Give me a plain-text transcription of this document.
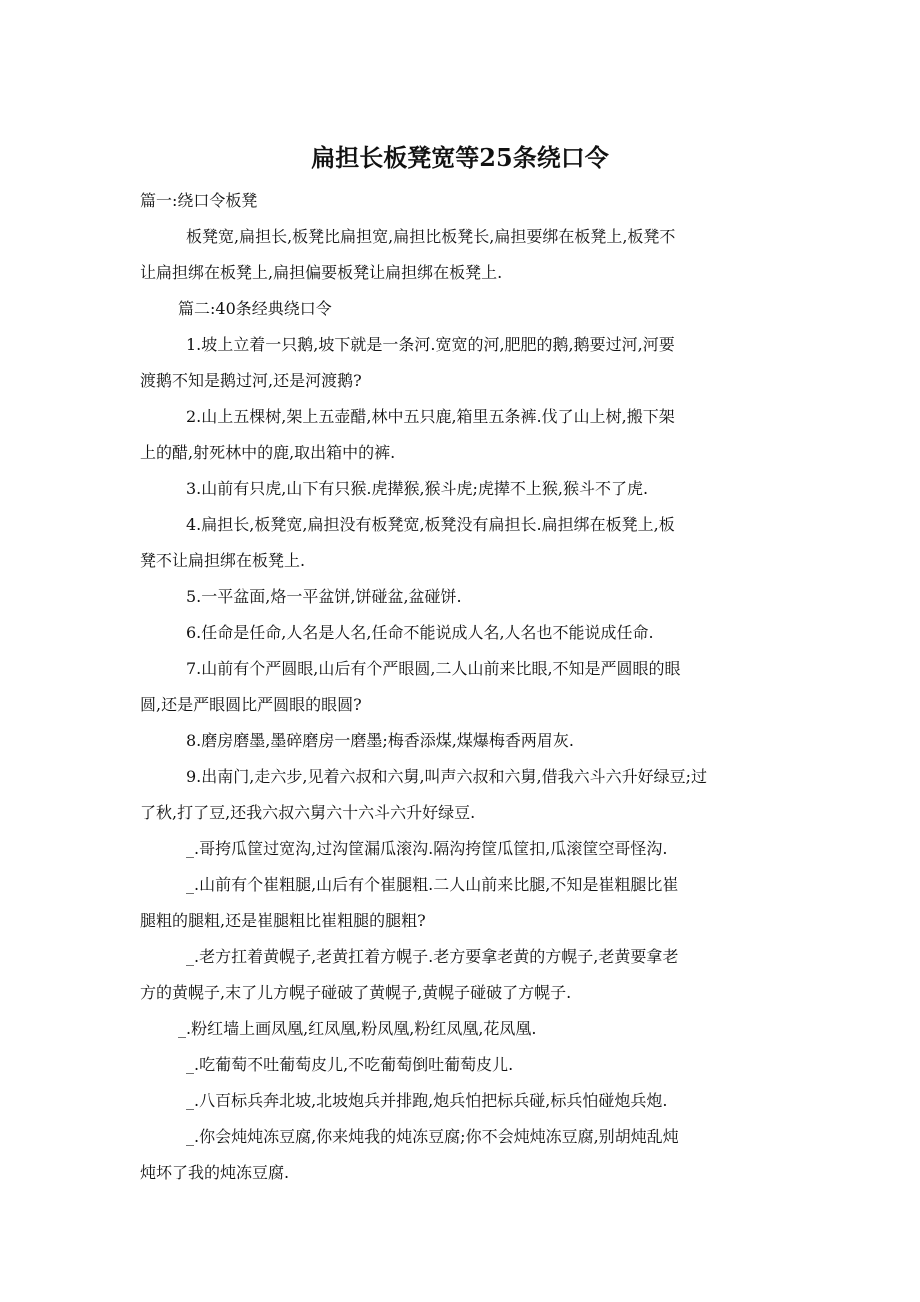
扁担长板凳宽等25条绕口令
篇一:绕口令板凳
板凳宽,扁担长,板凳比扁担宽,扁担比板凳长,扁担要绑在板凳上,板凳不
让扁担绑在板凳上,扁担偏要板凳让扁担绑在板凳上.
篇二:40条经典绕口令
1.坡上立着一只鹅,坡下就是一条河.宽宽的河,肥肥的鹅,鹅要过河,河要
渡鹅不知是鹅过河,还是河渡鹅?
2.山上五棵树,架上五壶醋,林中五只鹿,箱里五条裤.伐了山上树,搬下架
上的醋,射死林中的鹿,取出箱中的裤.
3.山前有只虎,山下有只猴.虎撵猴,猴斗虎;虎撵不上猴,猴斗不了虎.
4.扁担长,板凳宽,扁担没有板凳宽,板凳没有扁担长.扁担绑在板凳上,板
凳不让扁担绑在板凳上.
5.一平盆面,烙一平盆饼,饼碰盆,盆碰饼.
6.任命是任命,人名是人名,任命不能说成人名,人名也不能说成任命.
7.山前有个严圆眼,山后有个严眼圆,二人山前来比眼,不知是严圆眼的眼
圆,还是严眼圆比严圆眼的眼圆?
8.磨房磨墨,墨碎磨房一磨墨;梅香添煤,煤爆梅香两眉灰.
9.出南门,走六步,见着六叔和六舅,叫声六叔和六舅,借我六斗六升好绿豆;过
了秋,打了豆,还我六叔六舅六十六斗六升好绿豆.
_.哥挎瓜筐过宽沟,过沟筐漏瓜滚沟.隔沟挎筐瓜筐扣,瓜滚筐空哥怪沟.
_.山前有个崔粗腿,山后有个崔腿粗.二人山前来比腿,不知是崔粗腿比崔
腿粗的腿粗,还是崔腿粗比崔粗腿的腿粗?
_.老方扛着黄幌子,老黄扛着方幌子.老方要拿老黄的方幌子,老黄要拿老
方的黄幌子,末了儿方幌子碰破了黄幌子,黄幌子碰破了方幌子.
_.粉红墙上画凤凰,红凤凰,粉凤凰,粉红凤凰,花凤凰.
_.吃葡萄不吐葡萄皮儿,不吃葡萄倒吐葡萄皮儿.
_.八百标兵奔北坡,北坡炮兵并排跑,炮兵怕把标兵碰,标兵怕碰炮兵炮.
_.你会炖炖冻豆腐,你来炖我的炖冻豆腐;你不会炖炖冻豆腐,别胡炖乱炖
炖坏了我的炖冻豆腐.
